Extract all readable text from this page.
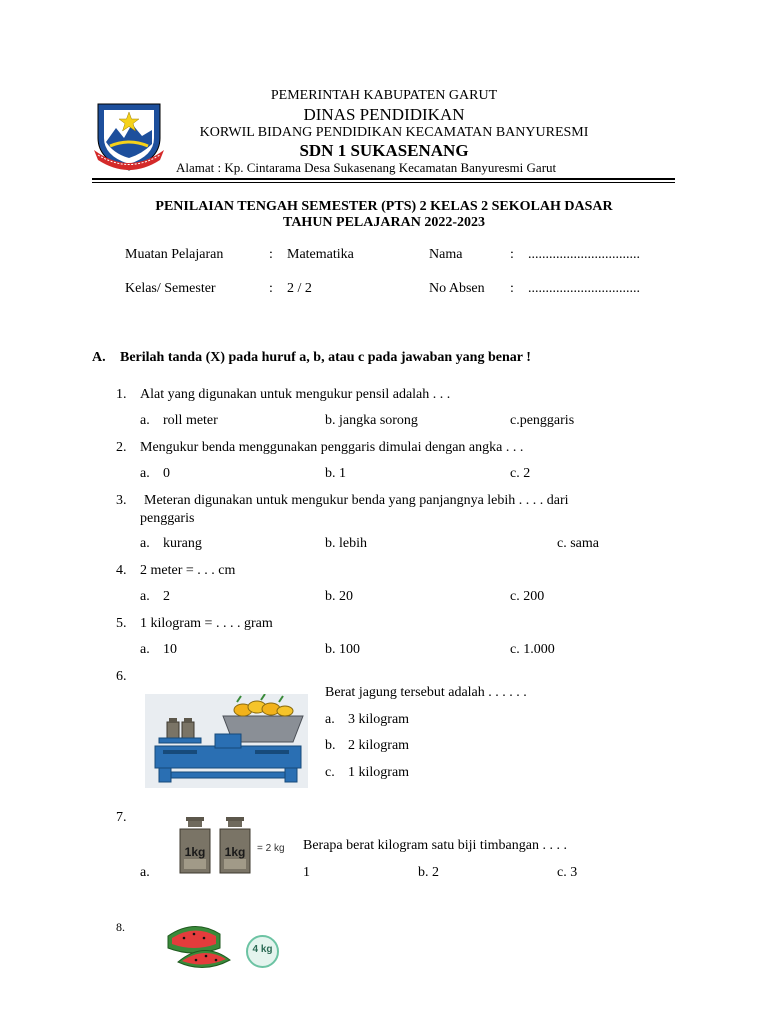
PEMERINTAH KABUPATEN GARUT
DINAS PENDIDIKAN
KORWIL BIDANG PENDIDIKAN KECAMATAN BANYURESMI
SDN 1 SUKASENANG
Alamat : Kp. Cintarama Desa Sukasenang Kecamatan Banyuresmi Garut
PENILAIAN TENGAH SEMESTER (PTS) 2 KELAS 2 SEKOLAH DASAR
TAHUN PELAJARAN 2022-2023
Muatan Pelajaran	: Matematika	Nama	: ................................
Kelas/ Semester	: 2 / 2	No Absen : ................................
A. Berilah tanda (X) pada huruf a, b, atau c pada jawaban yang benar !
1. Alat yang digunakan untuk mengukur pensil adalah . . .
a. roll meter	b. jangka sorong	c.penggaris
2. Mengukur benda menggunakan penggaris dimulai dengan angka . . .
a. 0	b. 1	c. 2
3. Meteran digunakan untuk mengukur benda yang panjangnya lebih . . . . dari
penggaris
a. kurang	b. lebih	c. sama
4. 2 meter = . . . cm
a. 2	b. 20	c. 200
5. 1 kilogram = . . . . gram
a. 10	b. 100	c. 1.000
6.
Berat jagung tersebut adalah . . . . . .
a. 3 kilogram
b. 2 kilogram
c. 1 kilogram
7.
1kg	1kg	= 2 kg Berapa berat kilogram satu biji timbangan . . . .
a.	1	b. 2	c. 3
8.
4 kg
